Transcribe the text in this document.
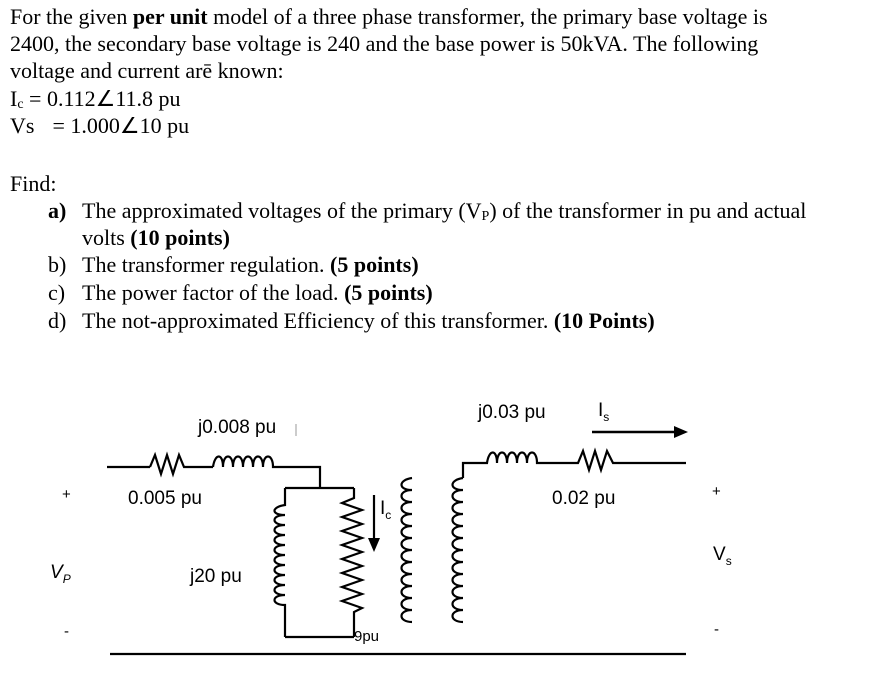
For the given per unit model of a three phase transformer, the primary base voltage is
2400, the secondary base voltage is 240 and the base power is 50kVA. The following
voltage and current arē known:
Ic = 0.112∠11.8 pu
Vs = 1.000∠10 pu
Find:
a) The approximated voltages of the primary (VP) of the transformer in pu and actual
volts (10 points)
b) The transformer regulation. (5 points)
c) The power factor of the load. (5 points)
d) The not-approximated Efficiency of this transformer. (10 Points)
j0.008 pu
0.005 pu
j20 pu
9pu
$I_c$
j0.03 pu
0.02 pu
$I_s$
+
$V_P$
-
+
$V_s$
-
